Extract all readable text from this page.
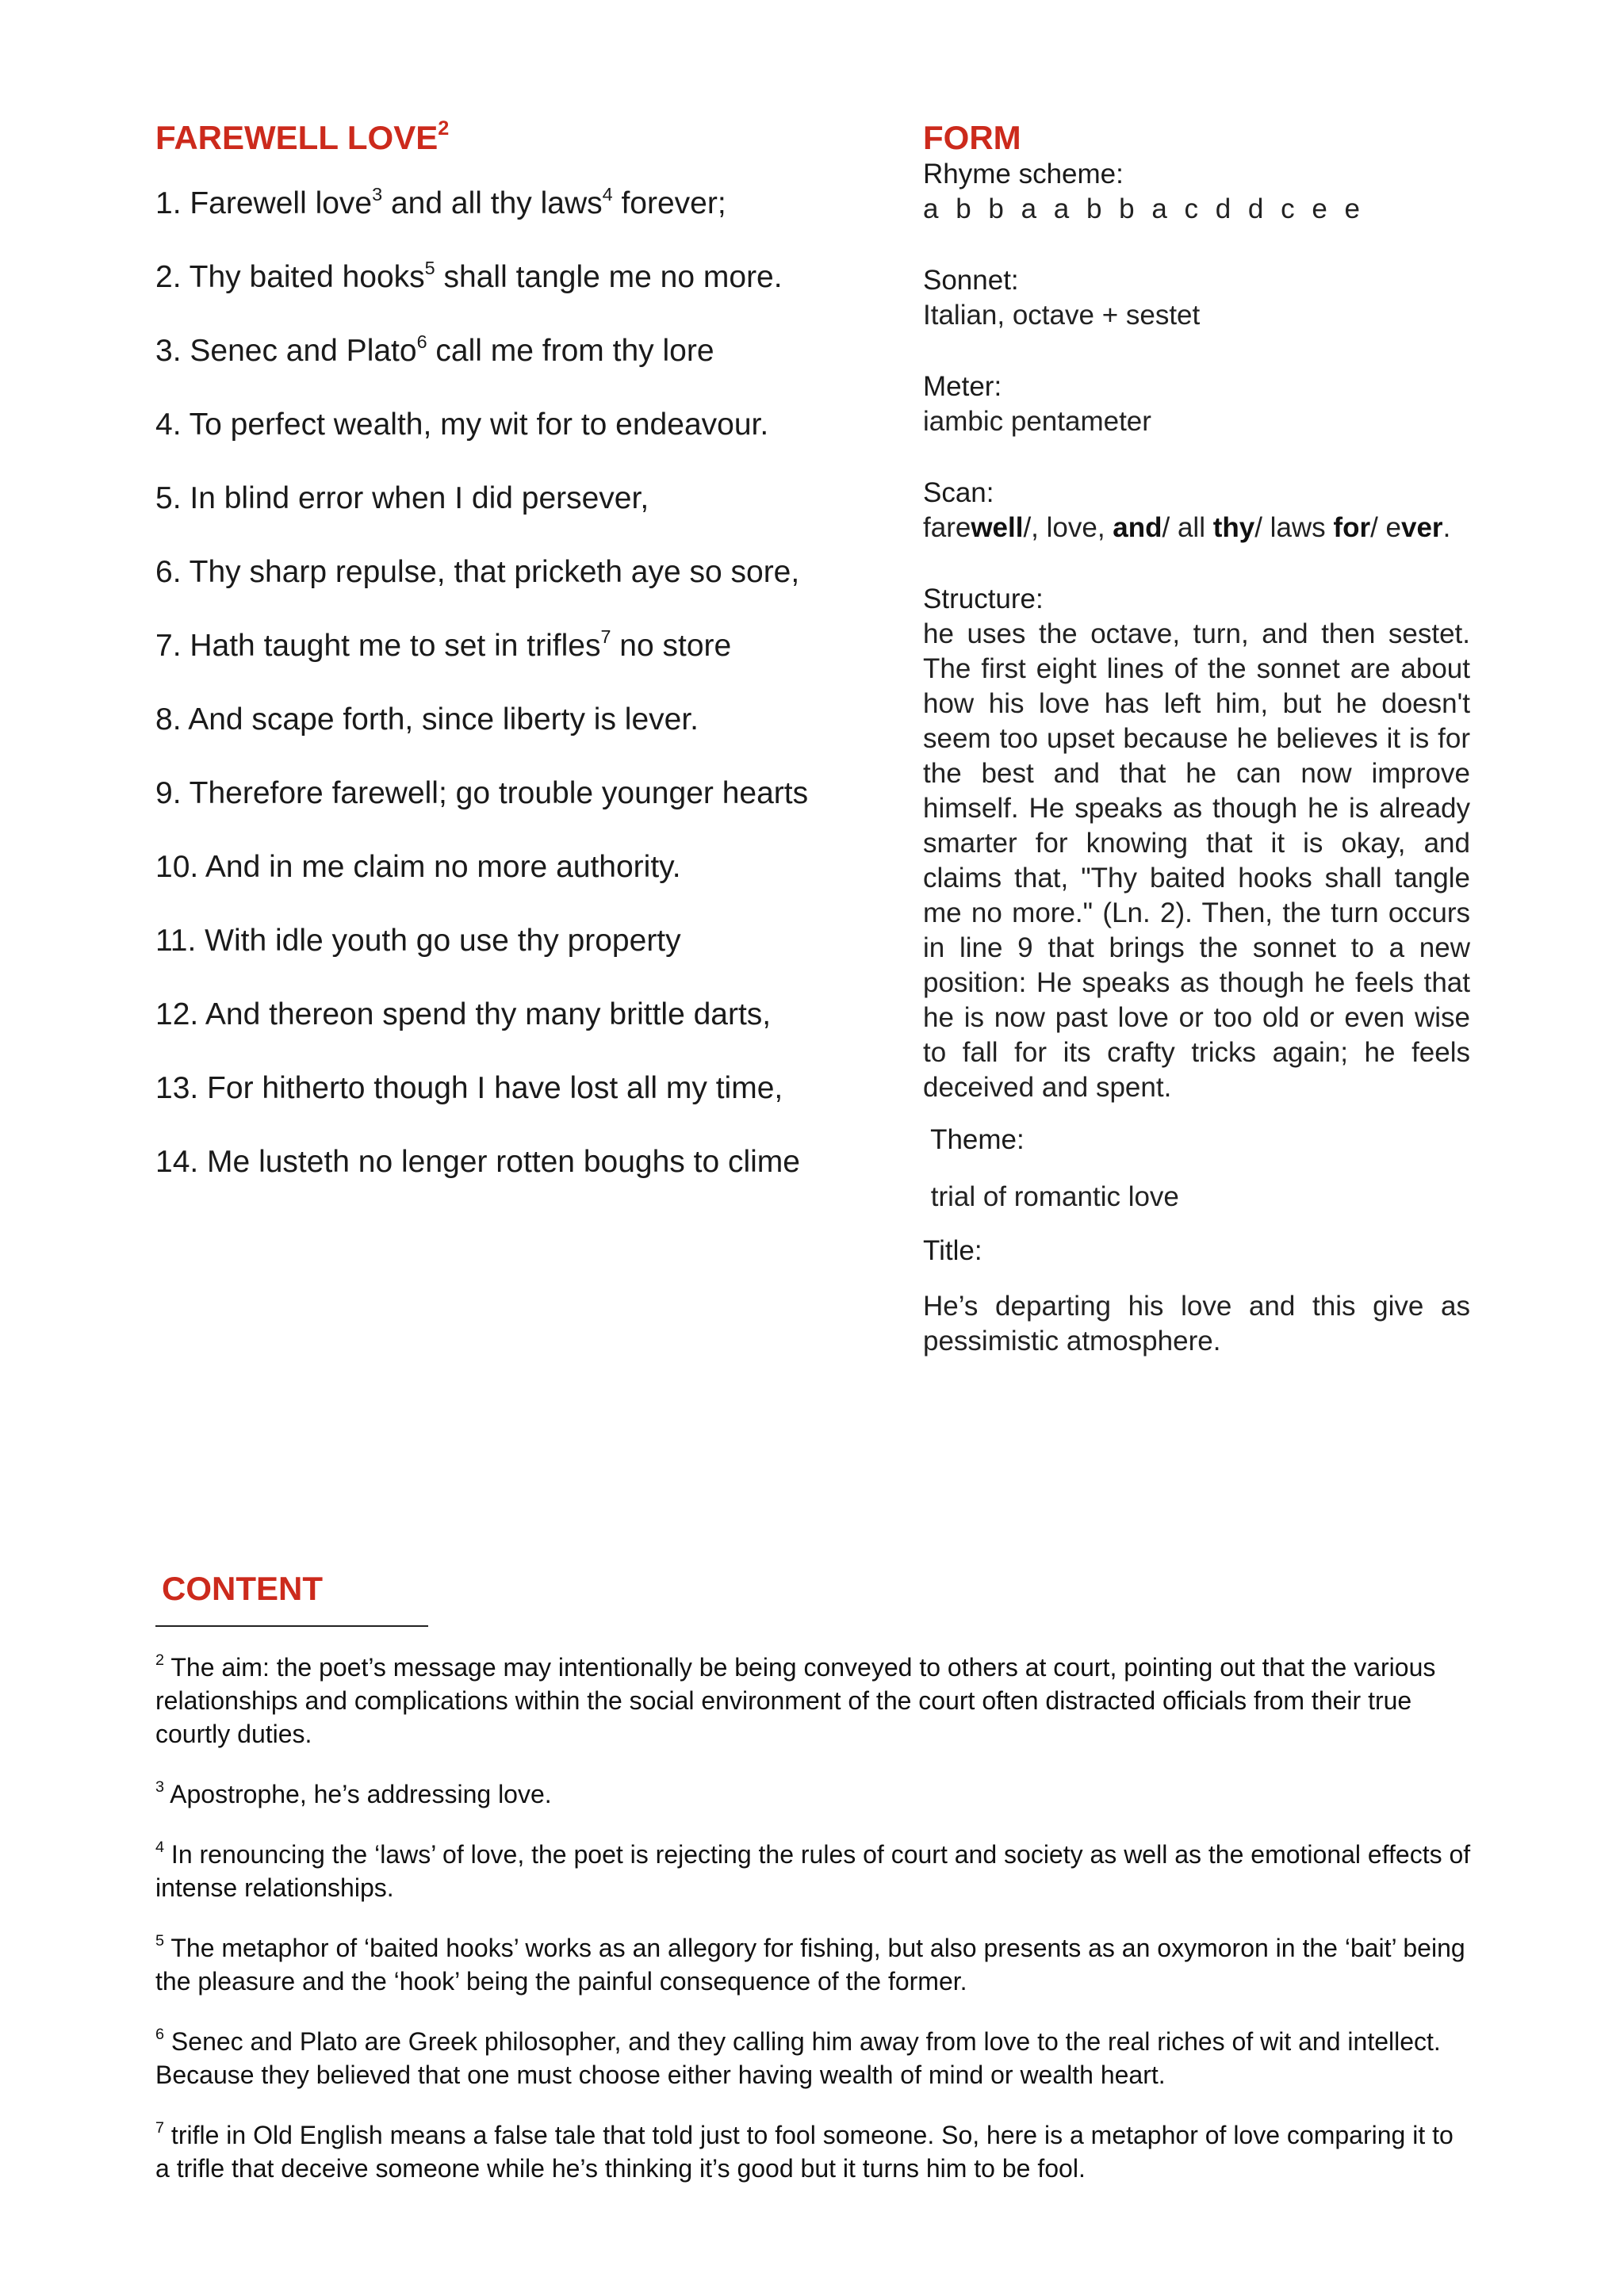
FAREWELL LOVE$^2$

1. Farewell love$^3$ and all thy laws$^4$ forever;

2. Thy baited hooks$^5$ shall tangle me no more.

3. Senec and Plato$^6$ call me from thy lore

4. To perfect wealth, my wit for to endeavour.

5. In blind error when I did persever,

6. Thy sharp repulse, that pricketh aye so sore,

7. Hath taught me to set in trifles$^7$ no store

8. And scape forth, since liberty is lever.

9. Therefore farewell; go trouble younger hearts

10. And in me claim no more authority.

11. With idle youth go use thy property

12. And thereon spend thy many brittle darts,

13. For hitherto though I have lost all my time,

14. Me lusteth no lenger rotten boughs to clime

FORM

Rhyme scheme:

a b b a a b b a c d d c e e

Sonnet:

Italian, octave + sestet

Meter:

iambic pentameter

Scan:

farewell/, love, and/ all thy/ laws for/ ever.

Structure:

he uses the octave, turn, and then sestet. The first eight lines of the sonnet are about how his love has left him, but he doesn't seem too upset because he believes it is for the best and that he can now improve himself. He speaks as though he is already smarter for knowing that it is okay, and claims that, "Thy baited hooks shall tangle me no more." (Ln. 2). Then, the turn occurs in line 9 that brings the sonnet to a new position: He speaks as though he feels that he is now past love or too old or even wise to fall for its crafty tricks again; he feels deceived and spent.

Theme:

trial of romantic love

Title:

He’s departing his love and this give as pessimistic atmosphere.

CONTENT

$^2$ The aim: the poet’s message may intentionally be being conveyed to others at court, pointing out that the various relationships and complications within the social environment of the court often distracted officials from their true courtly duties.

$^3$ Apostrophe, he’s addressing love.

$^4$ In renouncing the ‘laws’ of love, the poet is rejecting the rules of court and society as well as the emotional effects of intense relationships.

$^5$ The metaphor of ‘baited hooks’ works as an allegory for fishing, but also presents as an oxymoron in the ‘bait’ being the pleasure and the ‘hook’ being the painful consequence of the former.

$^6$ Senec and Plato are Greek philosopher, and they calling him away from love to the real riches of wit and intellect. Because they believed that one must choose either having wealth of mind or wealth heart.

$^7$ trifle in Old English means a false tale that told just to fool someone. So, here is a metaphor of love comparing it to a trifle that deceive someone while he’s thinking it’s good but it turns him to be fool.
